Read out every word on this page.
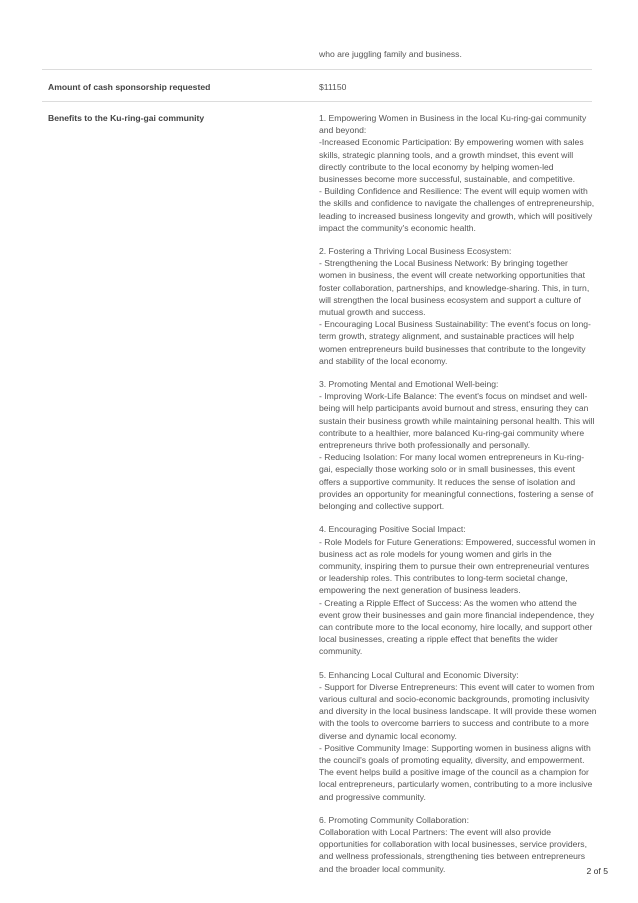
who are juggling family and business.
Amount of cash sponsorship requested	$11150
Benefits to the Ku-ring-gai community	1. Empowering Women in Business in the local Ku-ring-gai community
and beyond:
-Increased Economic Participation: By empowering women with sales
skills, strategic planning tools, and a growth mindset, this event will
directly contribute to the local economy by helping women-led
businesses become more successful, sustainable, and competitive.
- Building Confidence and Resilience: The event will equip women with
the skills and confidence to navigate the challenges of entrepreneurship,
leading to increased business longevity and growth, which will positively
impact the community's economic health.

2. Fostering a Thriving Local Business Ecosystem:
- Strengthening the Local Business Network: By bringing together
women in business, the event will create networking opportunities that
foster collaboration, partnerships, and knowledge-sharing. This, in turn,
will strengthen the local business ecosystem and support a culture of
mutual growth and success.
- Encouraging Local Business Sustainability: The event's focus on long-
term growth, strategy alignment, and sustainable practices will help
women entrepreneurs build businesses that contribute to the longevity
and stability of the local economy.

3. Promoting Mental and Emotional Well-being:
- Improving Work-Life Balance: The event's focus on mindset and well-
being will help participants avoid burnout and stress, ensuring they can
sustain their business growth while maintaining personal health. This will
contribute to a healthier, more balanced Ku-ring-gai community where
entrepreneurs thrive both professionally and personally.
- Reducing Isolation: For many local women entrepreneurs in Ku-ring-
gai, especially those working solo or in small businesses, this event
offers a supportive community. It reduces the sense of isolation and
provides an opportunity for meaningful connections, fostering a sense of
belonging and collective support.

4. Encouraging Positive Social Impact:
- Role Models for Future Generations: Empowered, successful women in
business act as role models for young women and girls in the
community, inspiring them to pursue their own entrepreneurial ventures
or leadership roles. This contributes to long-term societal change,
empowering the next generation of business leaders.
- Creating a Ripple Effect of Success: As the women who attend the
event grow their businesses and gain more financial independence, they
can contribute more to the local economy, hire locally, and support other
local businesses, creating a ripple effect that benefits the wider
community.

5. Enhancing Local Cultural and Economic Diversity:
- Support for Diverse Entrepreneurs: This event will cater to women from
various cultural and socio-economic backgrounds, promoting inclusivity
and diversity in the local business landscape. It will provide these women
with the tools to overcome barriers to success and contribute to a more
diverse and dynamic local economy.
- Positive Community Image: Supporting women in business aligns with
the council's goals of promoting equality, diversity, and empowerment.
The event helps build a positive image of the council as a champion for
local entrepreneurs, particularly women, contributing to a more inclusive
and progressive community.

6. Promoting Community Collaboration:
Collaboration with Local Partners: The event will also provide
opportunities for collaboration with local businesses, service providers,
and wellness professionals, strengthening ties between entrepreneurs
and the broader local community.	2 of 5
